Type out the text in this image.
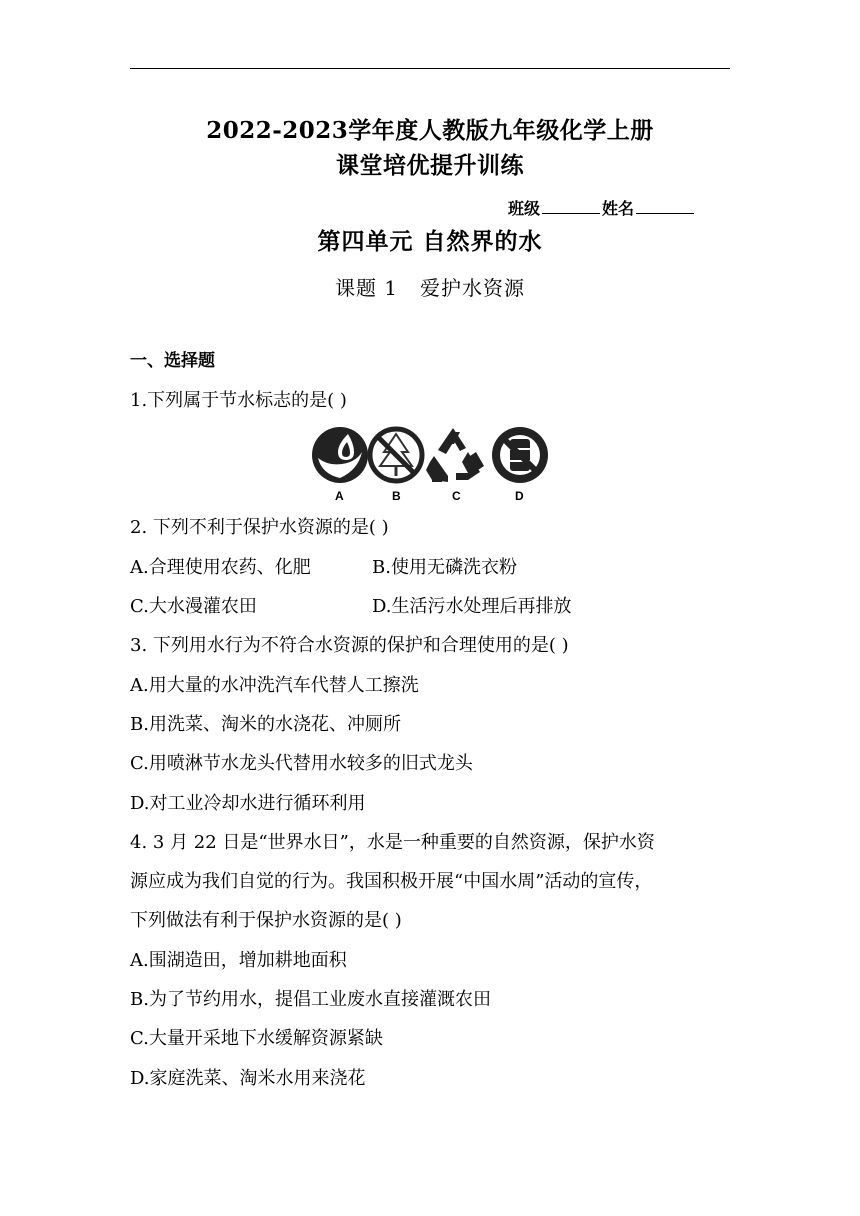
2022-2023学年度人教版九年级化学上册
课堂培优提升训练
班级	姓名
第四单元 自然界的水
课题 1 爱护水资源
一、选择题
1.下列属于节水标志的是( )
A	B	C	D
2. 下列不利于保护水资源的是( )
A.合理使用农药、化肥	B.使用无磷洗衣粉
C.大水漫灌农田	D.生活污水处理后再排放
3. 下列用水行为不符合水资源的保护和合理使用的是( )
A.用大量的水冲洗汽车代替人工擦洗
B.用洗菜、淘米的水浇花、冲厕所
C.用喷淋节水龙头代替用水较多的旧式龙头
D.对工业冷却水进行循环利用
4. 3 月 22 日是“世界水日”，水是一种重要的自然资源，保护水资
源应成为我们自觉的行为。我国积极开展“中国水周”活动的宣传，
下列做法有利于保护水资源的是( )
A.围湖造田，增加耕地面积
B.为了节约用水，提倡工业废水直接灌溉农田
C.大量开采地下水缓解资源紧缺
D.家庭洗菜、淘米水用来浇花
